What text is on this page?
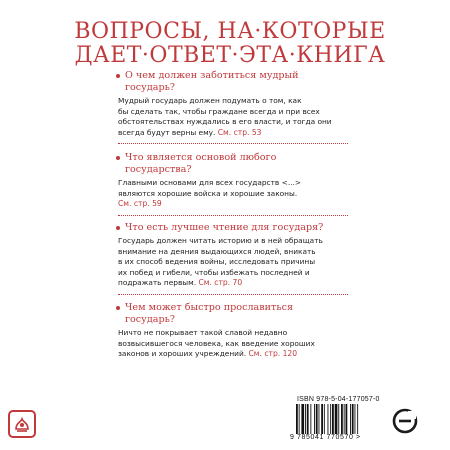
ВОПРОСЫ, НА·КОТОРЫЕ
ДАЕТ·ОТВЕТ·ЭТА·КНИГА
О чем должен заботиться мудрый
государь?
Мудрый государь должен подумать о том, как
бы сделать так, чтобы граждане всегда и при всех
обстоятельствах нуждались в его власти, и тогда они
всегда будут верны ему. См. стр. 53
Что является основой любого
государства?
Главными основами для всех государств <...>
являются хорошие войска и хорошие законы.
См. стр. 59
Что есть лучшее чтение для государя?
Государь должен читать историю и в ней обращать
внимание на деяния выдающихся людей, вникать
в их способ ведения войны, исследовать причины
их побед и гибели, чтобы избежать последней и
подражать первым. См. стр. 70
Чем может быстро прославиться
государь?
Ничто не покрывает такой славой недавно
возвысившегося человека, как введение хороших
законов и хороших учреждений. См. стр. 120
ISBN 978-5-04-177057-0
9 785041 770570 >
